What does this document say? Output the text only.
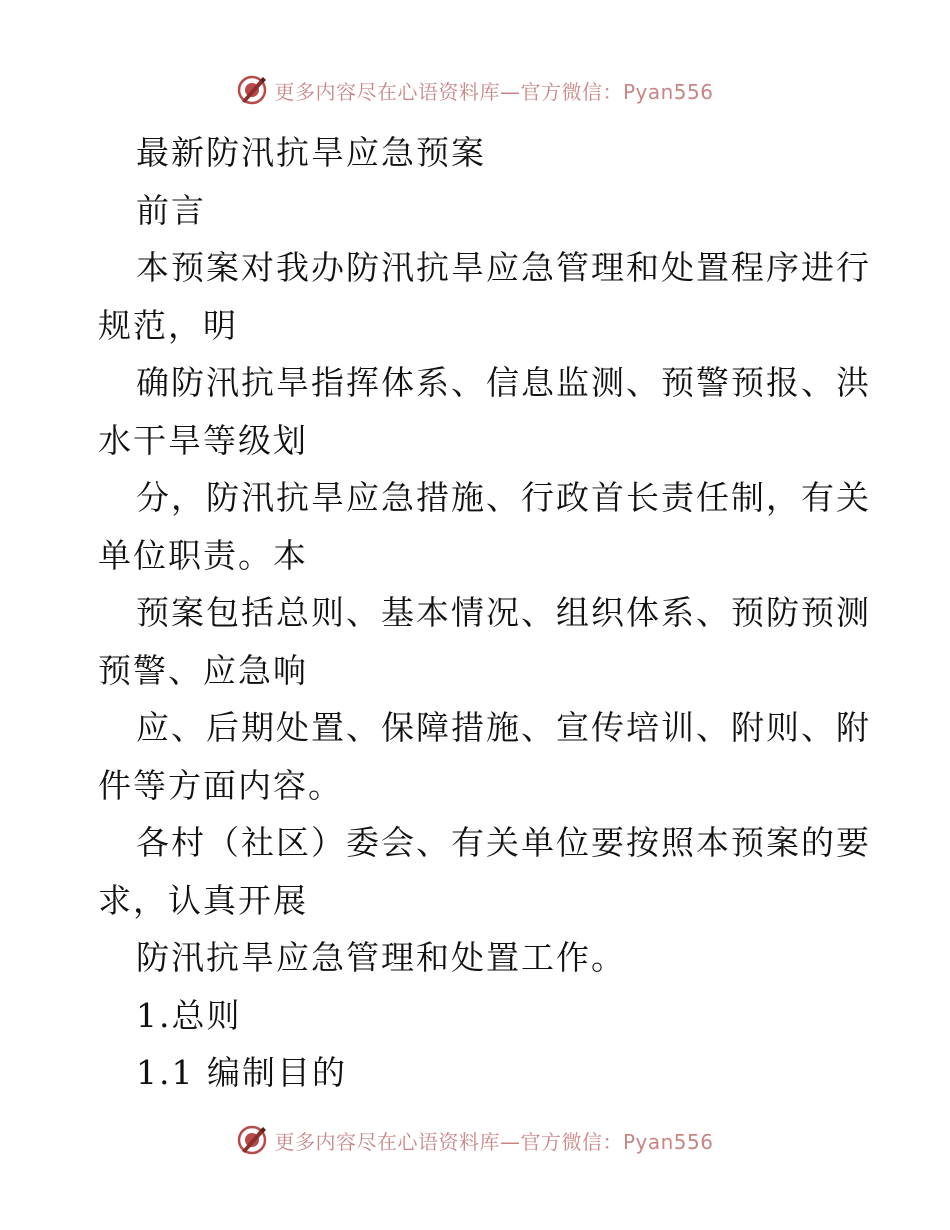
更多内容尽在心语资料库—官方微信：Pyan556
最新防汛抗旱应急预案
前言
本预案对我办防汛抗旱应急管理和处置程序进行
规范，明
确防汛抗旱指挥体系、信息监测、预警预报、洪
水干旱等级划
分，防汛抗旱应急措施、行政首长责任制，有关
单位职责。本
预案包括总则、基本情况、组织体系、预防预测
预警、应急响
应、后期处置、保障措施、宣传培训、附则、附
件等方面内容。
各村（社区）委会、有关单位要按照本预案的要
求，认真开展
防汛抗旱应急管理和处置工作。
1.总则
1.1 编制目的
更多内容尽在心语资料库—官方微信：Pyan556
